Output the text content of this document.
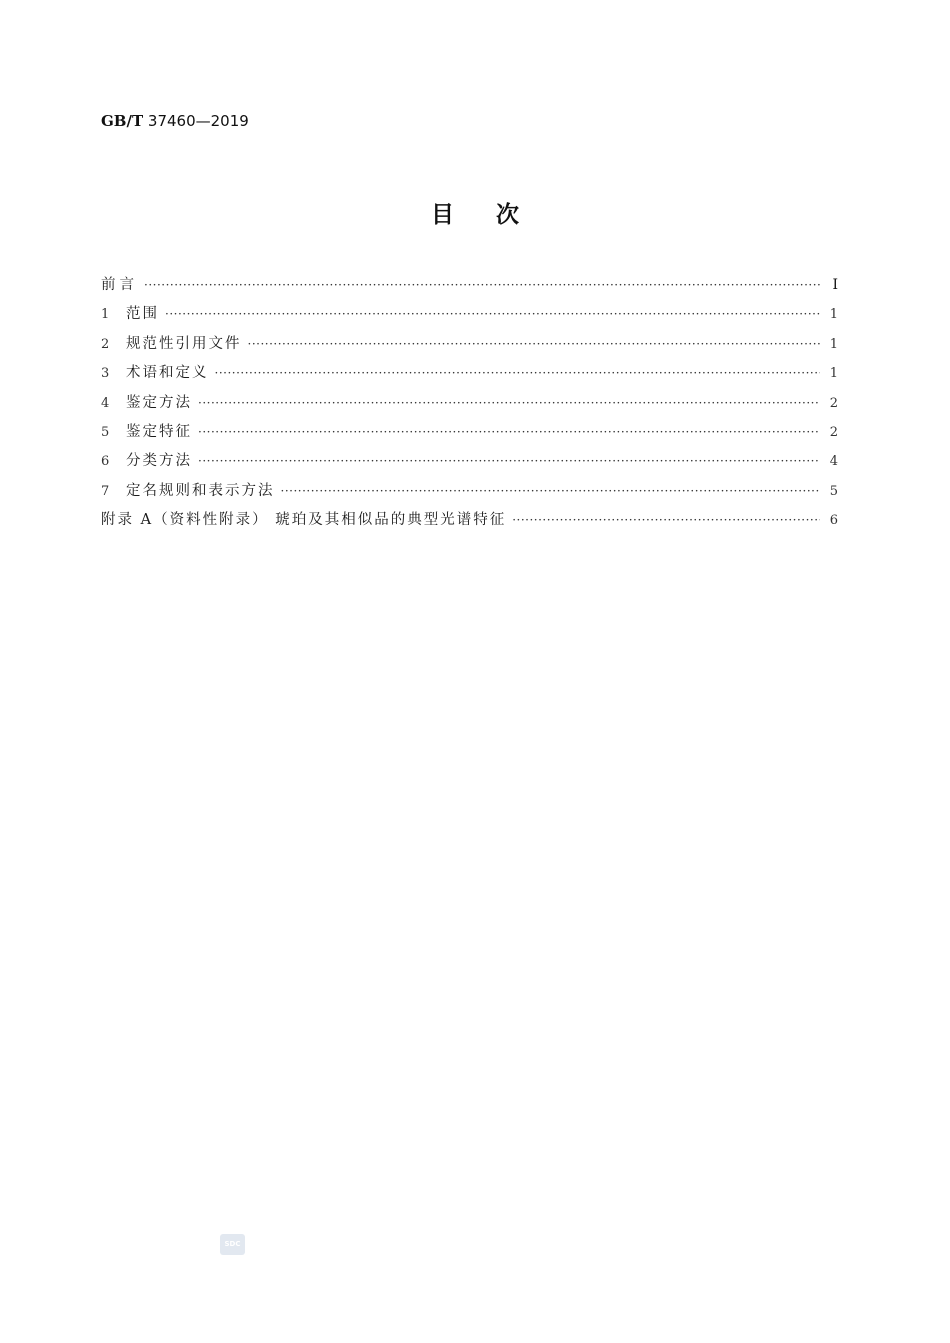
GB/T 37460—2019
目次
前言 ·····	Ⅰ
1	范围 ·····	1
2	规范性引用文件 ·····	1
3	术语和定义 ·····	1
4	鉴定方法 ·····	2
5	鉴定特征 ·····	2
6	分类方法 ·····	4
7	定名规则和表示方法 ·····	5
附录 A（资料性附录） 琥珀及其相似品的典型光谱特征 ·····	6
SDC
